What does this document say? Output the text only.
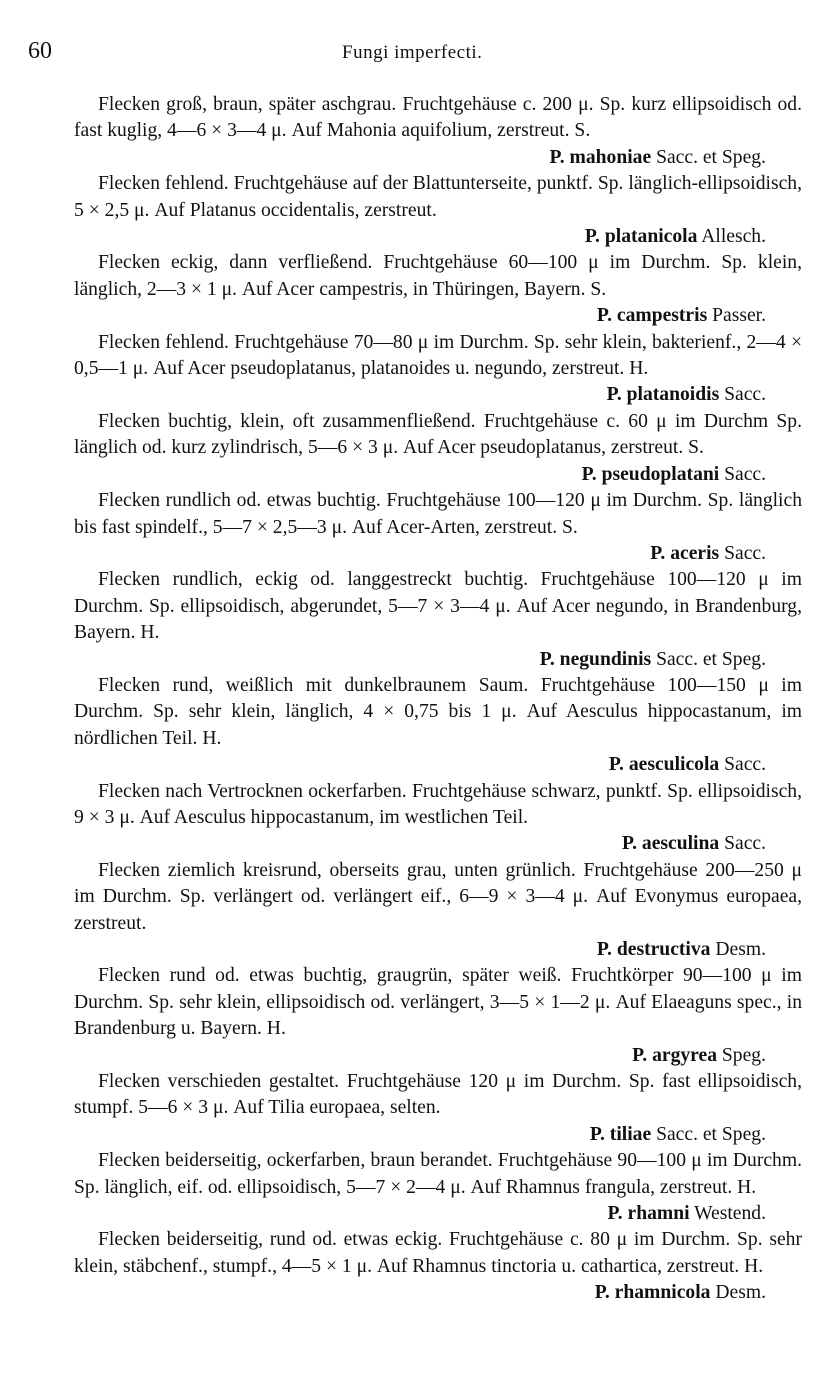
60	Fungi imperfecti.

Flecken groß, braun, später aschgrau. Fruchtgehäuse c. 200 μ. Sp. kurz ellipsoidisch od. fast kuglig, 4—6 × 3—4 μ. Auf Mahonia aquifolium, zerstreut. S.

P. mahoniae Sacc. et Speg.

Flecken fehlend. Fruchtgehäuse auf der Blattunterseite, punktf. Sp. länglich-ellipsoidisch, 5 × 2,5 μ. Auf Platanus occidentalis, zerstreut.

P. platanicola Allesch.

Flecken eckig, dann verfließend. Fruchtgehäuse 60—100 μ im Durchm. Sp. klein, länglich, 2—3 × 1 μ. Auf Acer campestris, in Thüringen, Bayern. S.

P. campestris Passer.

Flecken fehlend. Fruchtgehäuse 70—80 μ im Durchm. Sp. sehr klein, bakterienf., 2—4 × 0,5—1 μ. Auf Acer pseudoplatanus, platanoides u. negundo, zerstreut. H.

P. platanoidis Sacc.

Flecken buchtig, klein, oft zusammenfließend. Fruchtgehäuse c. 60 μ im Durchm Sp. länglich od. kurz zylindrisch, 5—6 × 3 μ. Auf Acer pseudoplatanus, zerstreut. S.

P. pseudoplatani Sacc.

Flecken rundlich od. etwas buchtig. Fruchtgehäuse 100—120 μ im Durchm. Sp. länglich bis fast spindelf., 5—7 × 2,5—3 μ. Auf Acer-Arten, zerstreut. S.

P. aceris Sacc.

Flecken rundlich, eckig od. langgestreckt buchtig. Fruchtgehäuse 100—120 μ im Durchm. Sp. ellipsoidisch, abgerundet, 5—7 × 3—4 μ. Auf Acer negundo, in Brandenburg, Bayern. H.

P. negundinis Sacc. et Speg.

Flecken rund, weißlich mit dunkelbraunem Saum. Fruchtgehäuse 100—150 μ im Durchm. Sp. sehr klein, länglich, 4 × 0,75 bis 1 μ. Auf Aesculus hippocastanum, im nördlichen Teil. H.

P. aesculicola Sacc.

Flecken nach Vertrocknen ockerfarben. Fruchtgehäuse schwarz, punktf. Sp. ellipsoidisch, 9 × 3 μ. Auf Aesculus hippocastanum, im westlichen Teil.

P. aesculina Sacc.

Flecken ziemlich kreisrund, oberseits grau, unten grünlich. Fruchtgehäuse 200—250 μ im Durchm. Sp. verlängert od. verlängert eif., 6—9 × 3—4 μ. Auf Evonymus europaea, zerstreut.

P. destructiva Desm.

Flecken rund od. etwas buchtig, graugrün, später weiß. Fruchtkörper 90—100 μ im Durchm. Sp. sehr klein, ellipsoidisch od. verlängert, 3—5 × 1—2 μ. Auf Elaeaguns spec., in Brandenburg u. Bayern. H.

P. argyrea Speg.

Flecken verschieden gestaltet. Fruchtgehäuse 120 μ im Durchm. Sp. fast ellipsoidisch, stumpf. 5—6 × 3 μ. Auf Tilia europaea, selten.

P. tiliae Sacc. et Speg.

Flecken beiderseitig, ockerfarben, braun berandet. Fruchtgehäuse 90—100 μ im Durchm. Sp. länglich, eif. od. ellipsoidisch, 5—7 × 2—4 μ. Auf Rhamnus frangula, zerstreut. H.

P. rhamni Westend.

Flecken beiderseitig, rund od. etwas eckig. Fruchtgehäuse c. 80 μ im Durchm. Sp. sehr klein, stäbchenf., stumpf., 4—5 × 1 μ. Auf Rhamnus tinctoria u. cathartica, zerstreut. H.

P. rhamnicola Desm.
